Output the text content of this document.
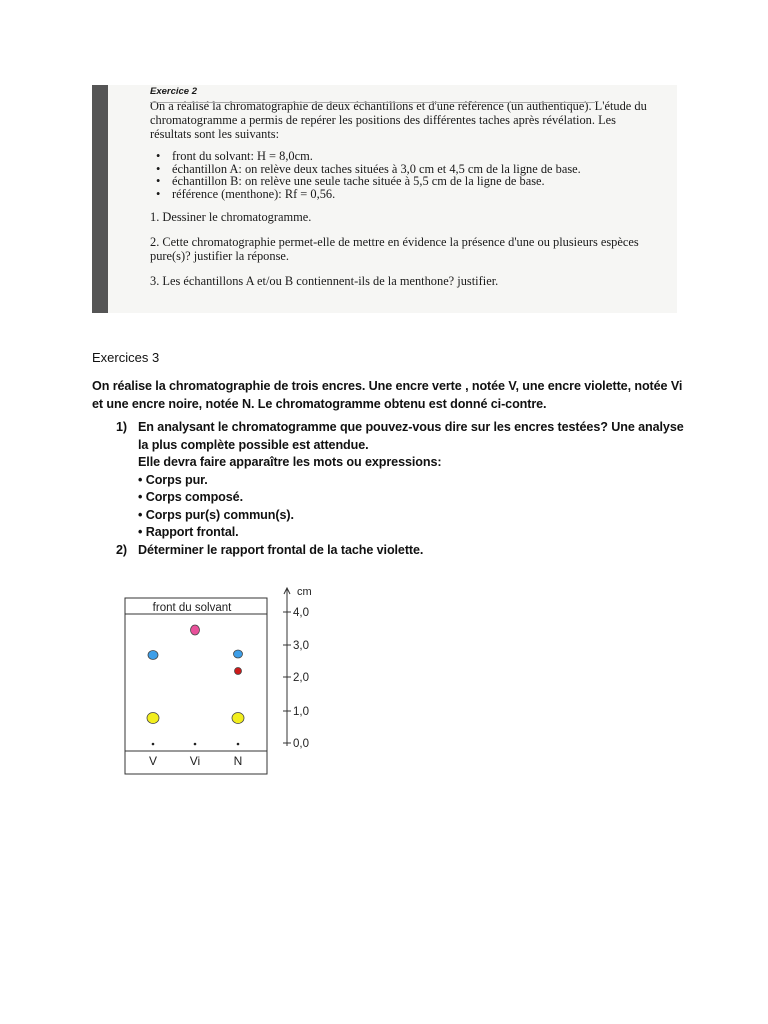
Exercice 2

On a réalisé la chromatographie de deux échantillons et d'une référence (un authentique). L'étude du chromatogramme a permis de repérer les positions des différentes taches après révélation. Les résultats sont les suivants:

• front du solvant: H = 8,0cm.
• échantillon A: on relève deux taches situées à 3,0 cm et 4,5 cm de la ligne de base.
• échantillon B: on relève une seule tache située à 5,5 cm de la ligne de base.
• référence (menthone): Rf = 0,56.

1. Dessiner le chromatogramme.

2. Cette chromatographie permet-elle de mettre en évidence la présence d'une ou plusieurs espèces pure(s)? justifier la réponse.

3. Les échantillons A et/ou B contiennent-ils de la menthone? justifier.

Exercices 3
On réalise la chromatographie de trois encres. Une encre verte , notée V, une encre violette, notée Vi et une encre noire, notée N. Le chromatogramme obtenu est donné ci-contre.
1) En analysant le chromatogramme que pouvez-vous dire sur les encres testées? Une analyse la plus complète possible est attendue.
Elle devra faire apparaître les mots ou expressions:
• Corps pur.
• Corps composé.
• Corps pur(s) commun(s).
• Rapport frontal.
2) Déterminer le rapport frontal de la tache violette.
front du solvant
V	Vi	N
cm
4,0
3,0
2,0
1,0
0,0
